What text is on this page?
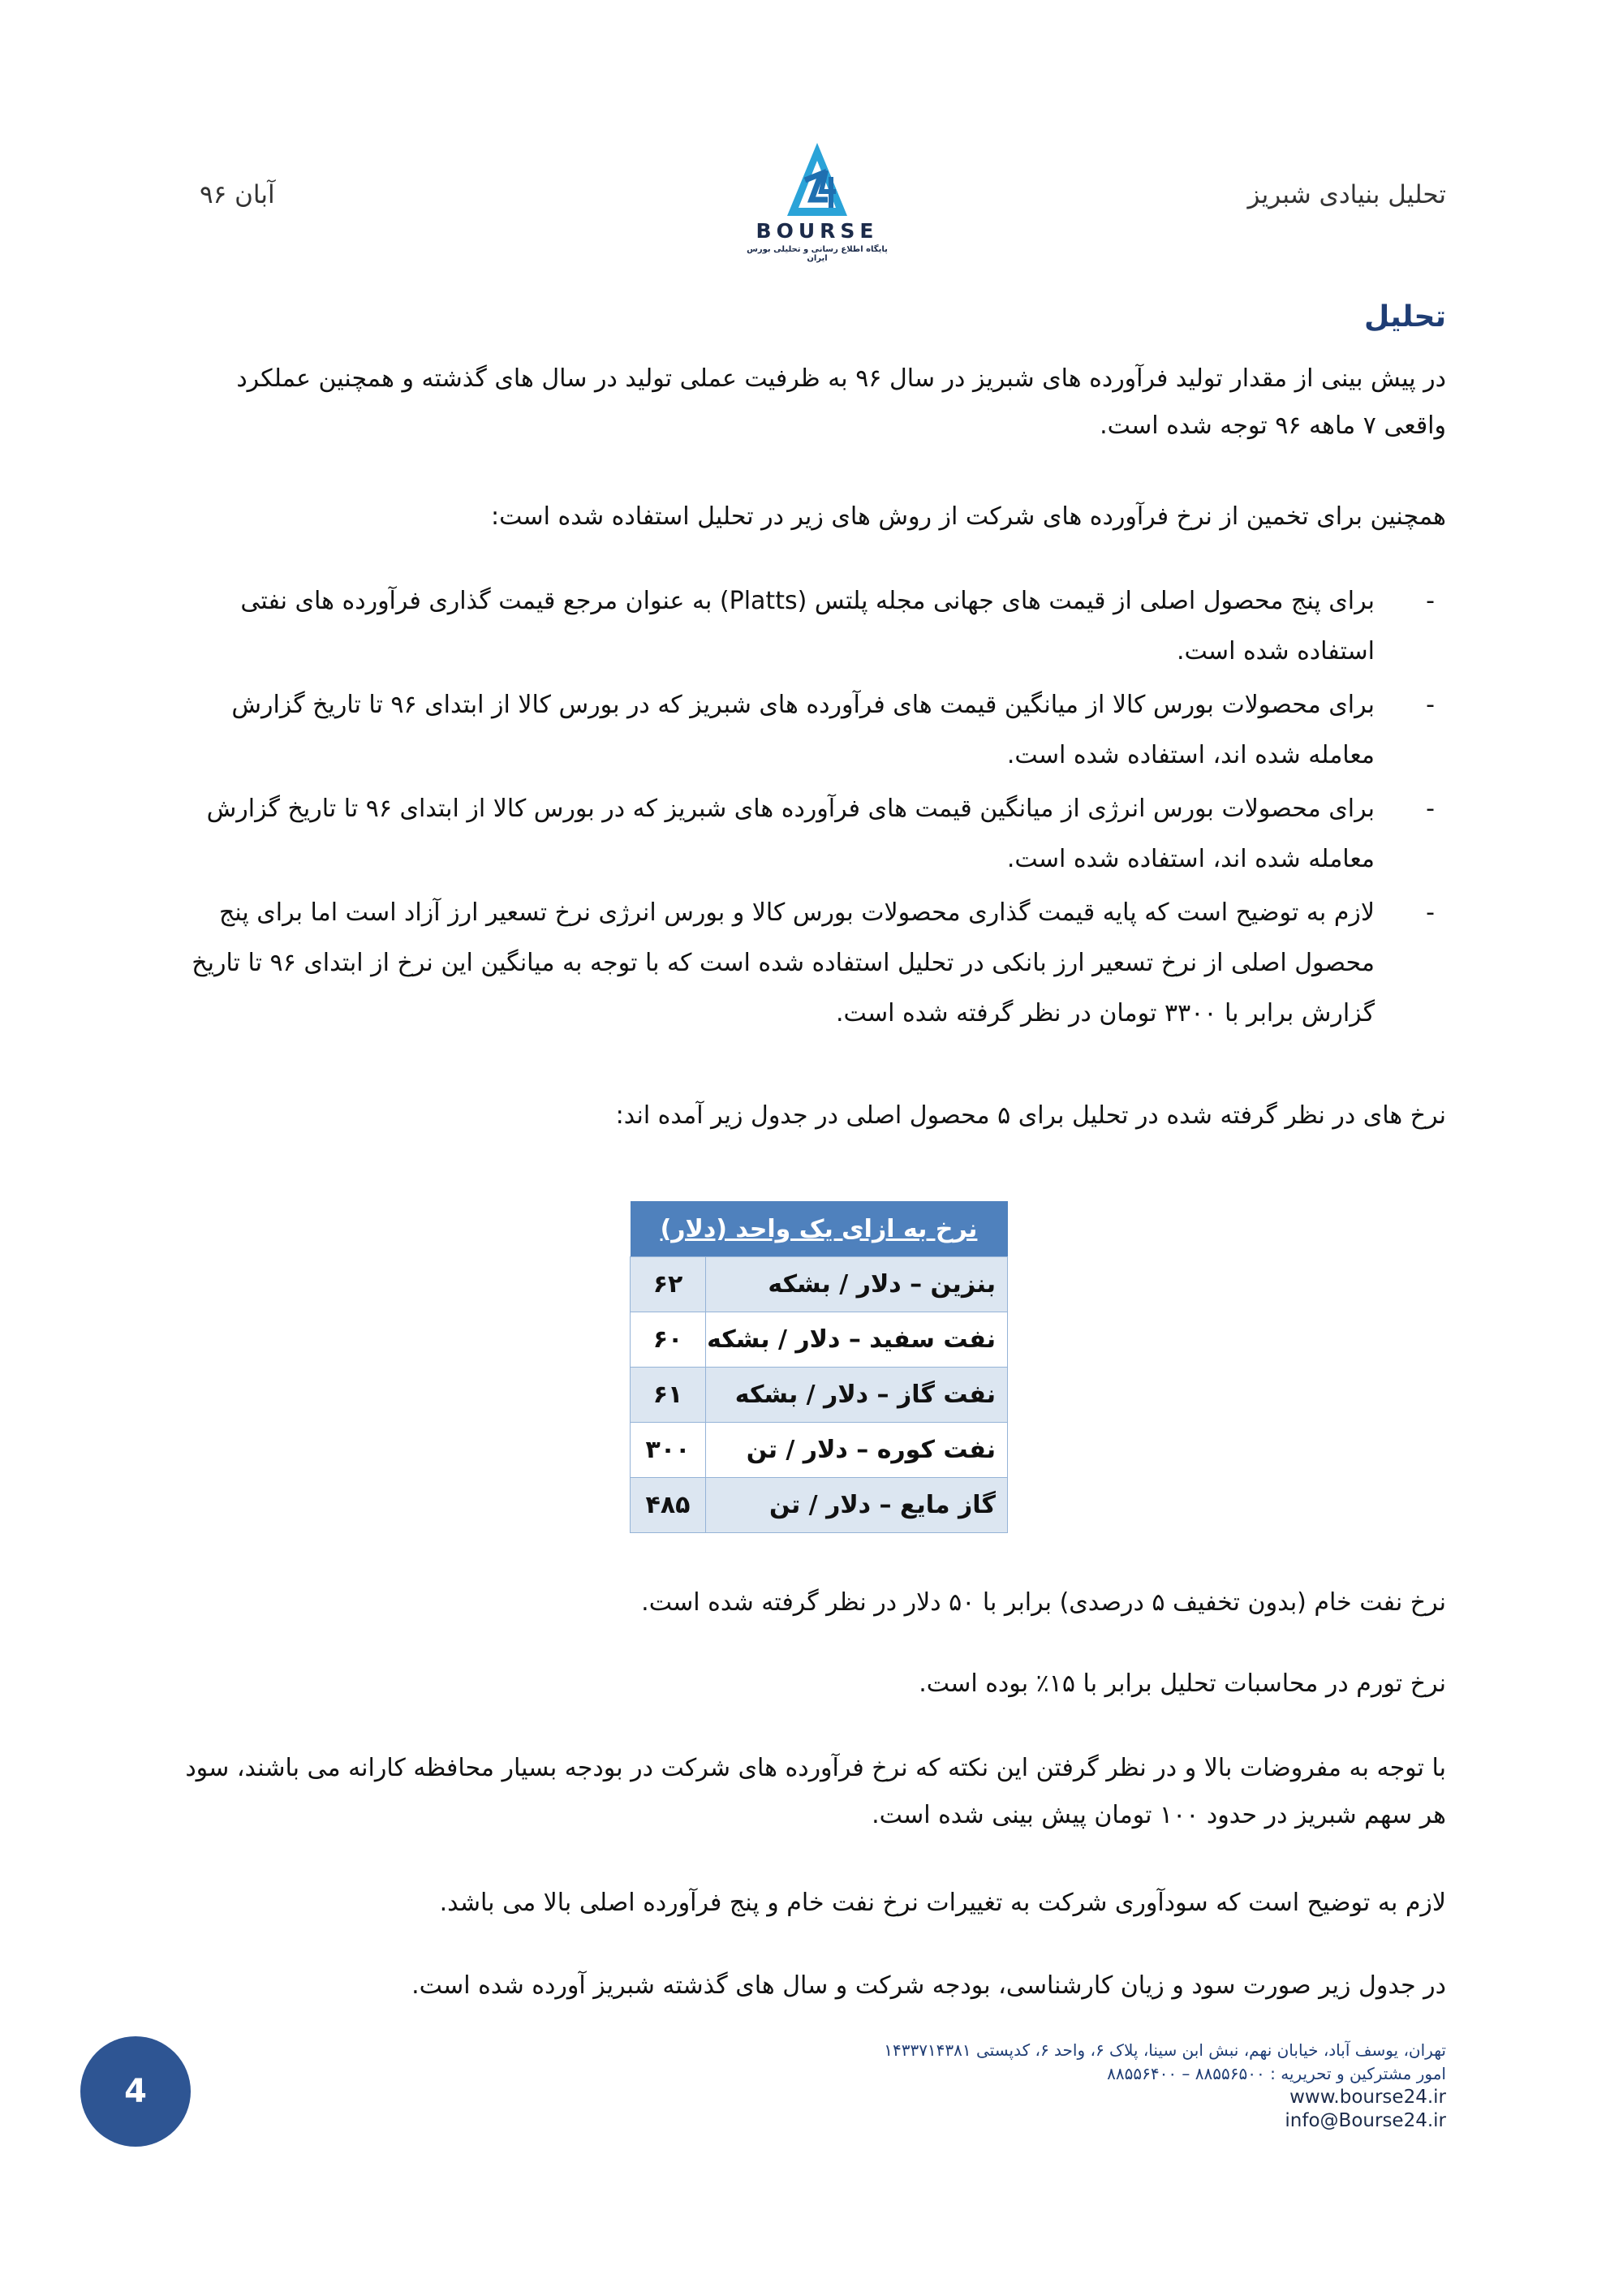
تحلیل بنیادی شبریز
آبان ۹۶
BOURSE
پایگاه اطلاع رسانی و تحلیلی بورس ایران
تحلیل
در پیش بینی از مقدار تولید فرآورده های شبریز در سال ۹۶ به ظرفیت عملی تولید در سال های گذشته و همچنین عملکرد واقعی ۷ ماهه ۹۶ توجه شده است.
همچنین برای تخمین از نرخ فرآورده های شرکت از روش های زیر در تحلیل استفاده شده است:
- برای پنج محصول اصلی از قیمت های جهانی مجله پلتس (Platts) به عنوان مرجع قیمت گذاری فرآورده های نفتی استفاده شده است.
- برای محصولات بورس کالا از میانگین قیمت های فرآورده های شبریز که در بورس کالا از ابتدای ۹۶ تا تاریخ گزارش معامله شده اند، استفاده شده است.
- برای محصولات بورس انرژی از میانگین قیمت های فرآورده های شبریز که در بورس کالا از ابتدای ۹۶ تا تاریخ گزارش معامله شده اند، استفاده شده است.
- لازم به توضیح است که پایه قیمت گذاری محصولات بورس کالا و بورس انرژی نرخ تسعیر ارز آزاد است اما برای پنج محصول اصلی از نرخ تسعیر ارز بانکی در تحلیل استفاده شده است که با توجه به میانگین این نرخ از ابتدای ۹۶ تا تاریخ گزارش برابر با ۳۳۰۰ تومان در نظر گرفته شده است.
نرخ های در نظر گرفته شده در تحلیل برای ۵ محصول اصلی در جدول زیر آمده اند:
نرخ به ازای یک واحد (دلار)	
بنزین – دلار / بشکه	۶۲
نفت سفید – دلار / بشکه	۶۰
نفت گاز – دلار / بشکه	۶۱
نفت کوره – دلار / تن	۳۰۰
گاز مایع – دلار / تن	۴۸۵
نرخ نفت خام (بدون تخفیف ۵ درصدی) برابر با ۵۰ دلار در نظر گرفته شده است.
نرخ تورم در محاسبات تحلیل برابر با ۱۵٪ بوده است.
با توجه به مفروضات بالا و در نظر گرفتن این نکته که نرخ فرآورده های شرکت در بودجه بسیار محافظه کارانه می باشند، سود هر سهم شبریز در حدود ۱۰۰ تومان پیش بینی شده است.
لازم به توضیح است که سودآوری شرکت به تغییرات نرخ نفت خام و پنج فرآورده اصلی بالا می باشد.
در جدول زیر صورت سود و زیان کارشناسی، بودجه شرکت و سال های گذشته شبریز آورده شده است.
تهران، یوسف آباد، خیابان نهم، نبش ابن سینا، پلاک ۶، واحد ۶، کدپستی ۱۴۳۳۷۱۴۳۸۱
امور مشترکین و تحریریه : ۸۸۵۵۶۵۰۰ – ۸۸۵۵۶۴۰۰
www.bourse24.ir
info@Bourse24.ir
4
